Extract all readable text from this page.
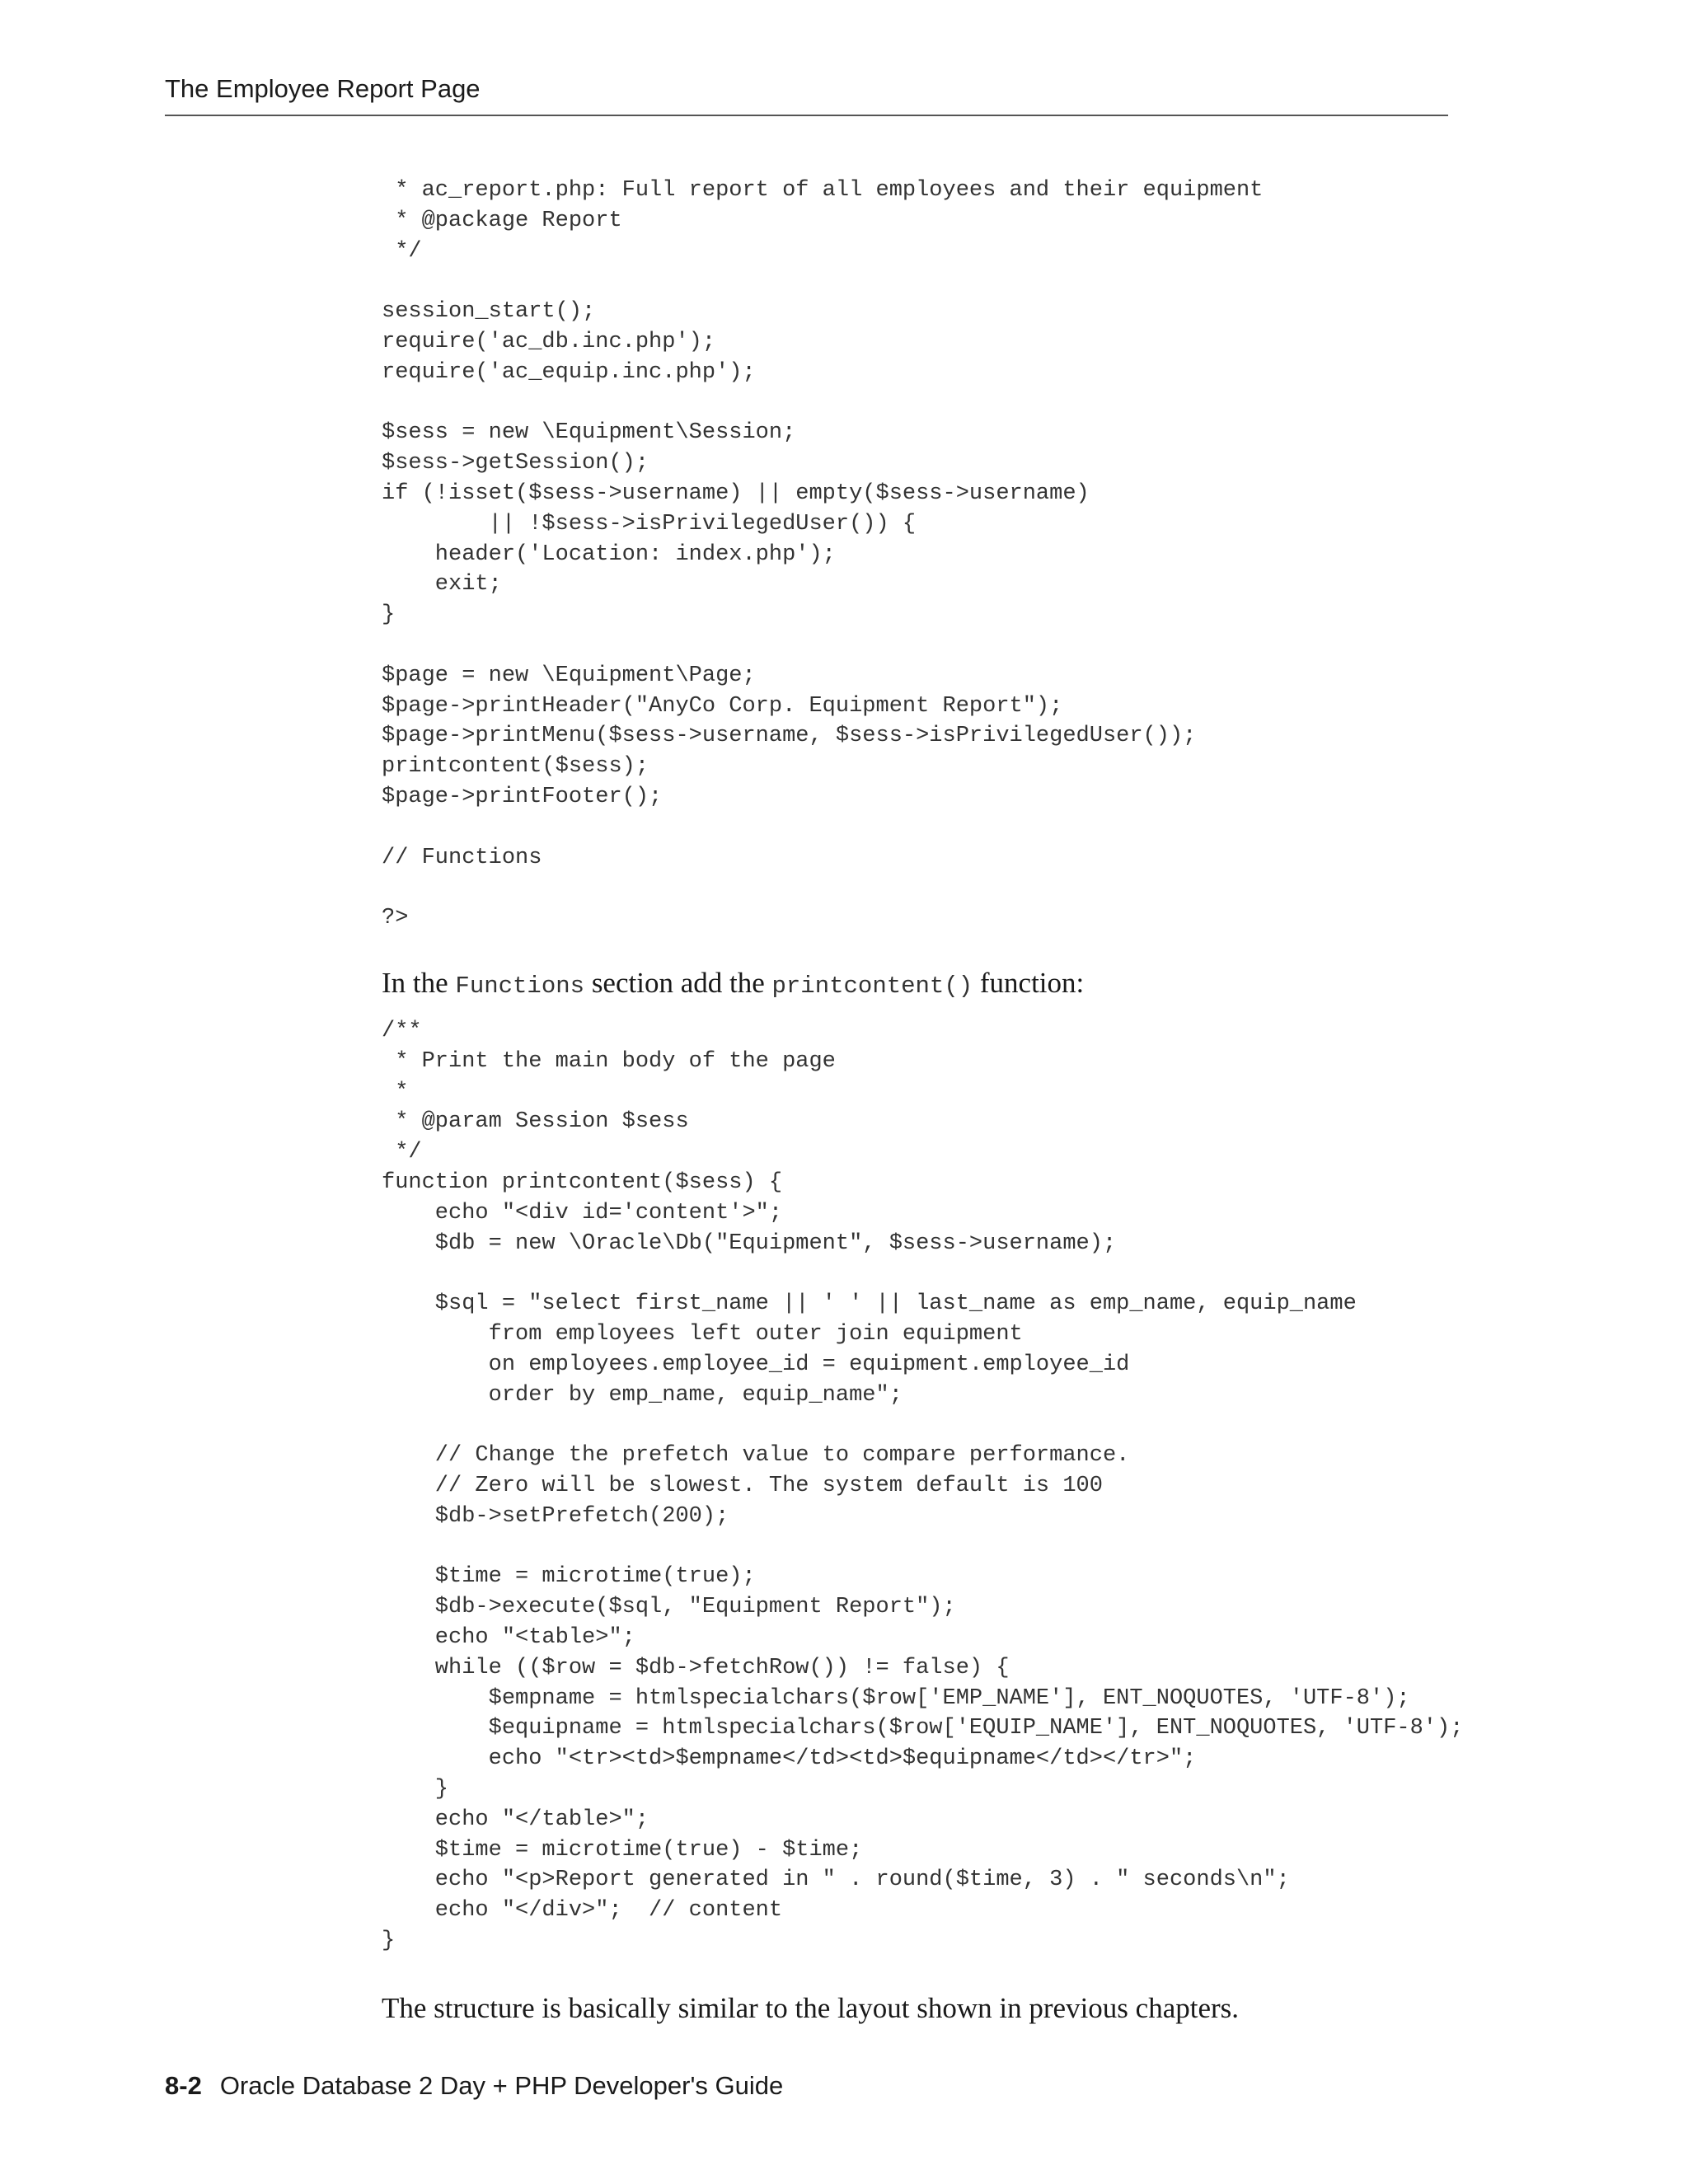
The Employee Report Page
* ac_report.php: Full report of all employees and their equipment
* @package Report
*/

session_start();
require('ac_db.inc.php');
require('ac_equip.inc.php');

$sess = new \Equipment\Session;
$sess->getSession();
if (!isset($sess->username) || empty($sess->username)
|| !$sess->isPrivilegedUser()) {
header('Location: index.php');
exit;
}

$page = new \Equipment\Page;
$page->printHeader("AnyCo Corp. Equipment Report");
$page->printMenu($sess->username, $sess->isPrivilegedUser());
printcontent($sess);
$page->printFooter();

// Functions

?>

In the Functions section add the printcontent() function:

/**
* Print the main body of the page
*
* @param Session $sess
*/
function printcontent($sess) {
echo "<div id='content'>";
$db = new \Oracle\Db("Equipment", $sess->username);

$sql = "select first_name || ' ' || last_name as emp_name, equip_name
from employees left outer join equipment
on employees.employee_id = equipment.employee_id
order by emp_name, equip_name";

// Change the prefetch value to compare performance.
// Zero will be slowest. The system default is 100
$db->setPrefetch(200);

$time = microtime(true);
$db->execute($sql, "Equipment Report");
echo "<table>";
while (($row = $db->fetchRow()) != false) {
$empname = htmlspecialchars($row['EMP_NAME'], ENT_NOQUOTES, 'UTF-8');
$equipname = htmlspecialchars($row['EQUIP_NAME'], ENT_NOQUOTES, 'UTF-8');
echo "<tr><td>$empname</td><td>$equipname</td></tr>";
}
echo "</table>";
$time = microtime(true) - $time;
echo "<p>Report generated in " . round($time, 3) . " seconds\n";
echo "</div>";  // content
}

The structure is basically similar to the layout shown in previous chapters.

8-2 Oracle Database 2 Day + PHP Developer's Guide
